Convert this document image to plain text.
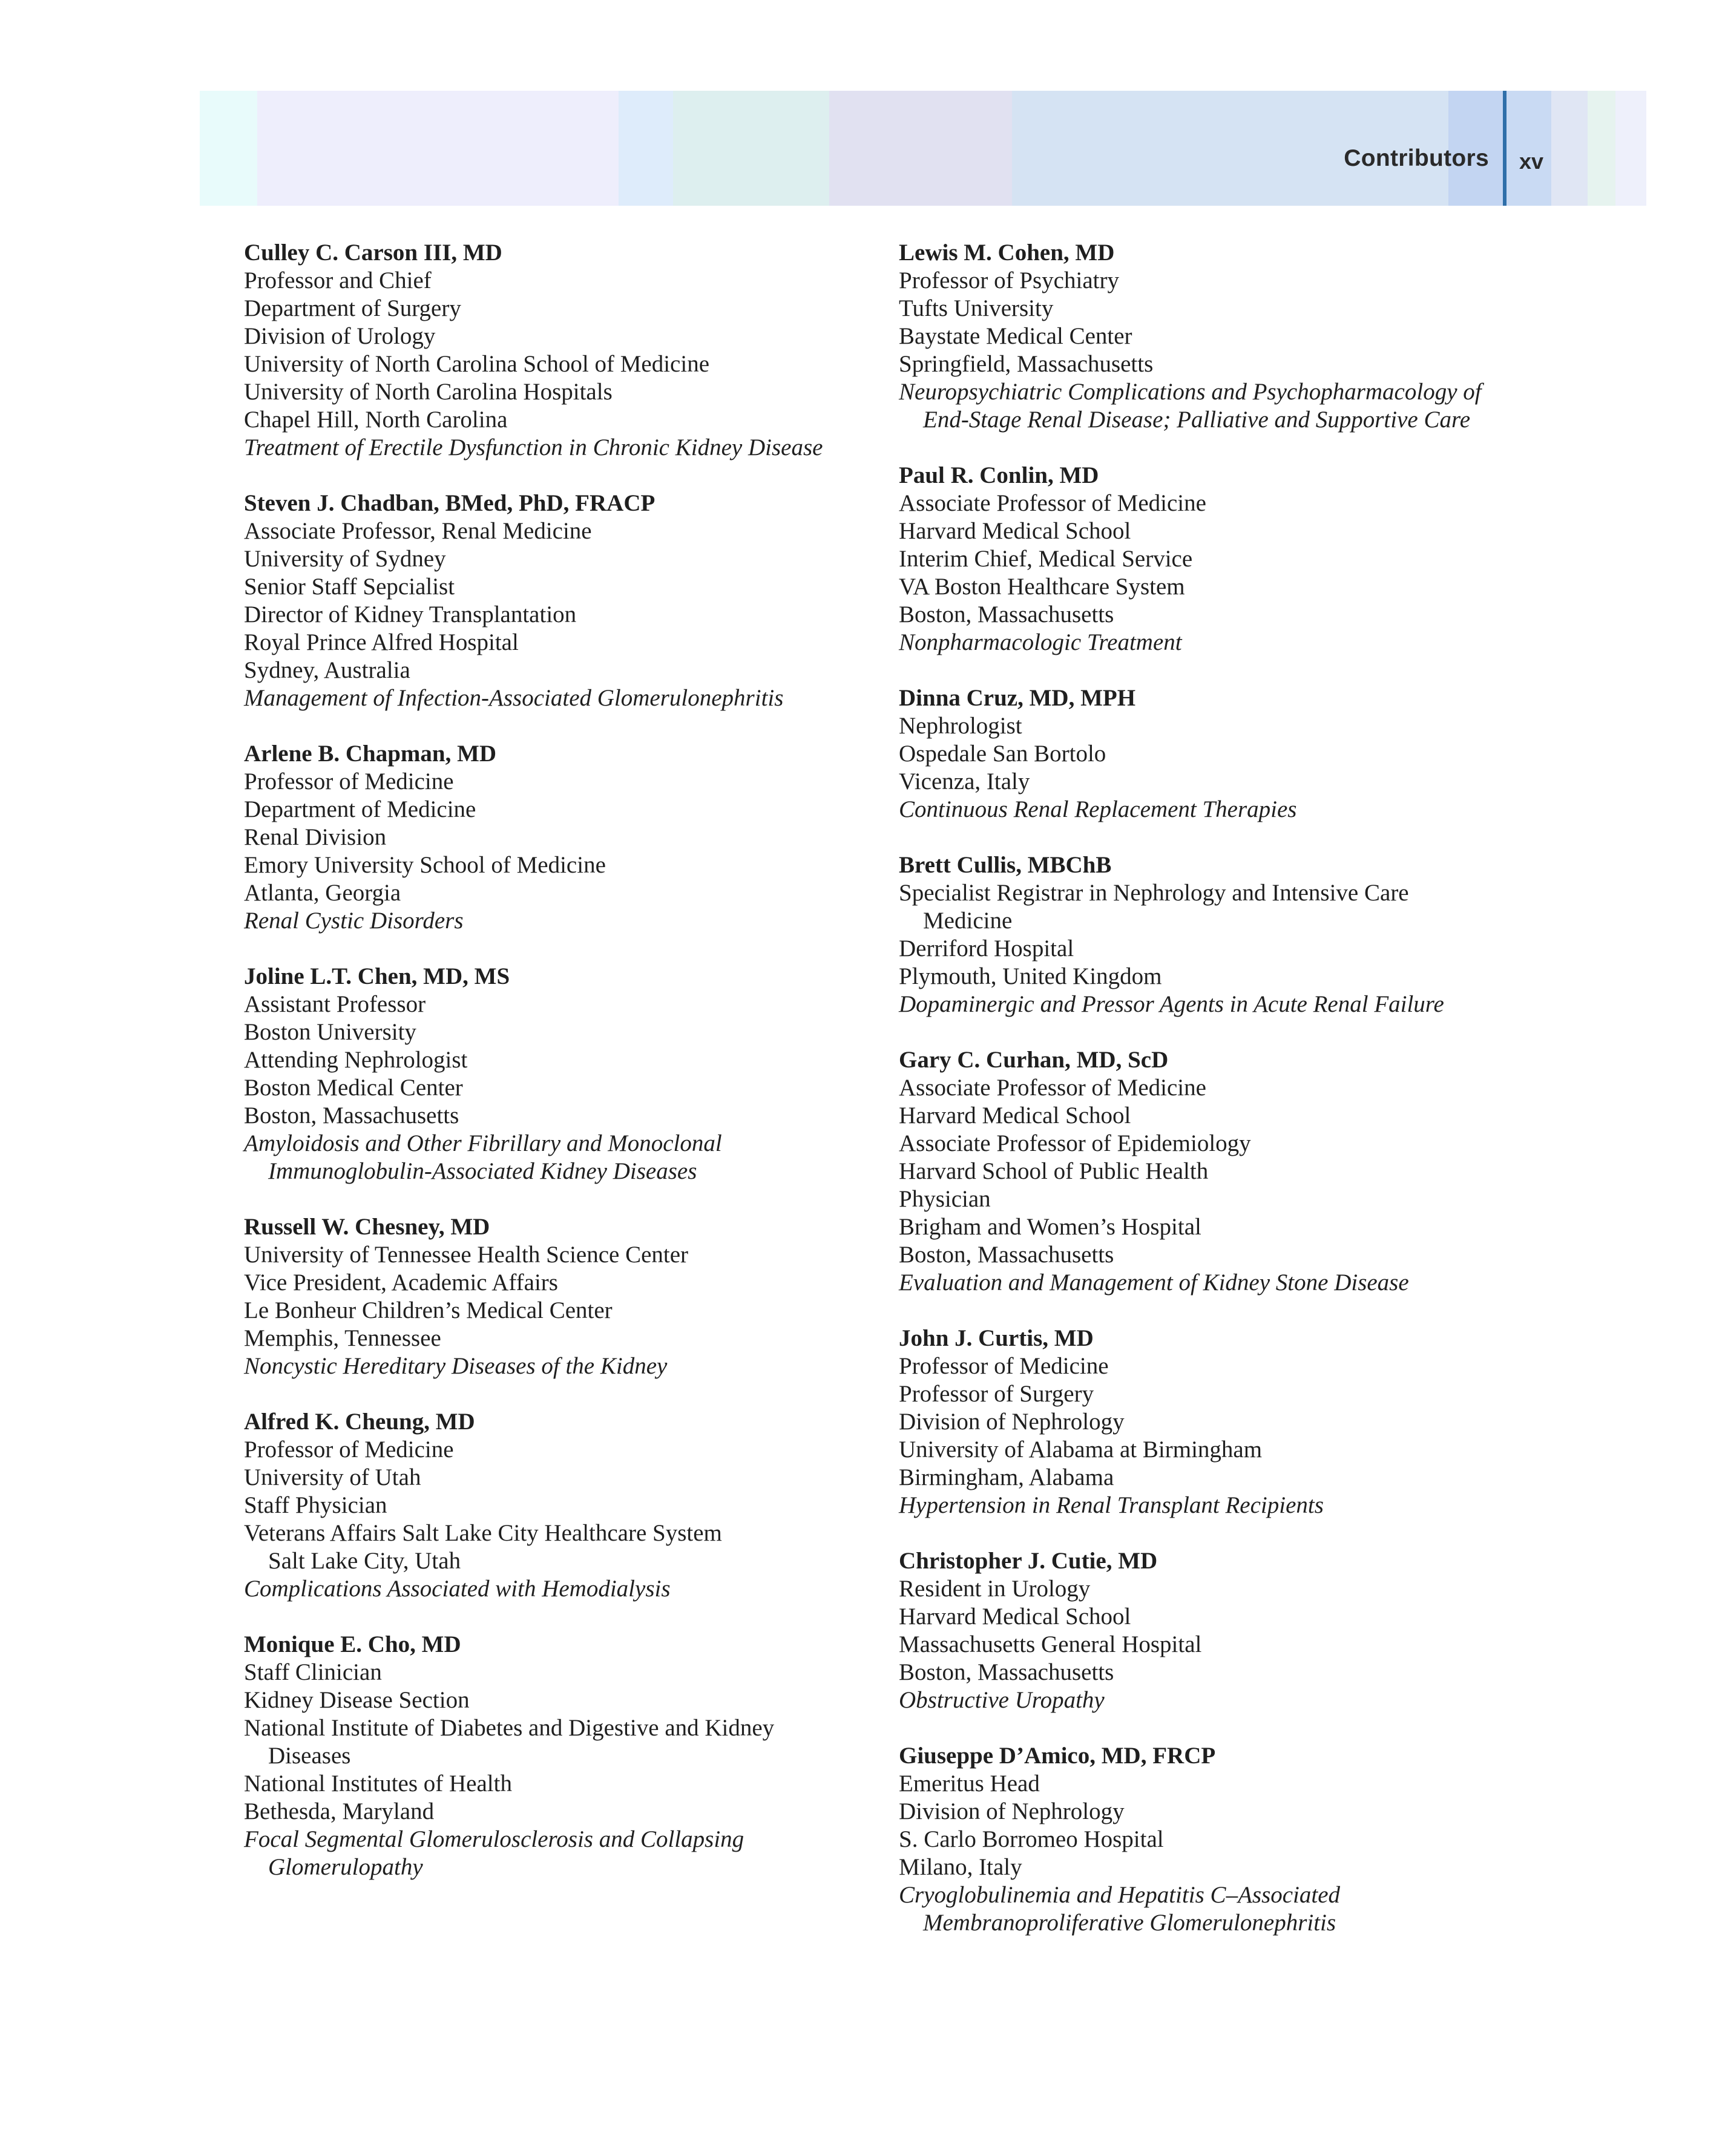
Contributors xv
Culley C. Carson III, MD
Professor and Chief
Department of Surgery
Division of Urology
University of North Carolina School of Medicine
University of North Carolina Hospitals
Chapel Hill, North Carolina
Treatment of Erectile Dysfunction in Chronic Kidney Disease
Steven J. Chadban, BMed, PhD, FRACP
Associate Professor, Renal Medicine
University of Sydney
Senior Staff Sepcialist
Director of Kidney Transplantation
Royal Prince Alfred Hospital
Sydney, Australia
Management of Infection-Associated Glomerulonephritis
Arlene B. Chapman, MD
Professor of Medicine
Department of Medicine
Renal Division
Emory University School of Medicine
Atlanta, Georgia
Renal Cystic Disorders
Joline L.T. Chen, MD, MS
Assistant Professor
Boston University
Attending Nephrologist
Boston Medical Center
Boston, Massachusetts
Amyloidosis and Other Fibrillary and Monoclonal
Immunoglobulin-Associated Kidney Diseases
Russell W. Chesney, MD
University of Tennessee Health Science Center
Vice President, Academic Affairs
Le Bonheur Children’s Medical Center
Memphis, Tennessee
Noncystic Hereditary Diseases of the Kidney
Alfred K. Cheung, MD
Professor of Medicine
University of Utah
Staff Physician
Veterans Affairs Salt Lake City Healthcare System
Salt Lake City, Utah
Complications Associated with Hemodialysis
Monique E. Cho, MD
Staff Clinician
Kidney Disease Section
National Institute of Diabetes and Digestive and Kidney
Diseases
National Institutes of Health
Bethesda, Maryland
Focal Segmental Glomerulosclerosis and Collapsing
Glomerulopathy
Lewis M. Cohen, MD
Professor of Psychiatry
Tufts University
Baystate Medical Center
Springfield, Massachusetts
Neuropsychiatric Complications and Psychopharmacology of
End-Stage Renal Disease; Palliative and Supportive Care
Paul R. Conlin, MD
Associate Professor of Medicine
Harvard Medical School
Interim Chief, Medical Service
VA Boston Healthcare System
Boston, Massachusetts
Nonpharmacologic Treatment
Dinna Cruz, MD, MPH
Nephrologist
Ospedale San Bortolo
Vicenza, Italy
Continuous Renal Replacement Therapies
Brett Cullis, MBChB
Specialist Registrar in Nephrology and Intensive Care
Medicine
Derriford Hospital
Plymouth, United Kingdom
Dopaminergic and Pressor Agents in Acute Renal Failure
Gary C. Curhan, MD, ScD
Associate Professor of Medicine
Harvard Medical School
Associate Professor of Epidemiology
Harvard School of Public Health
Physician
Brigham and Women’s Hospital
Boston, Massachusetts
Evaluation and Management of Kidney Stone Disease
John J. Curtis, MD
Professor of Medicine
Professor of Surgery
Division of Nephrology
University of Alabama at Birmingham
Birmingham, Alabama
Hypertension in Renal Transplant Recipients
Christopher J. Cutie, MD
Resident in Urology
Harvard Medical School
Massachusetts General Hospital
Boston, Massachusetts
Obstructive Uropathy
Giuseppe D’Amico, MD, FRCP
Emeritus Head
Division of Nephrology
S. Carlo Borromeo Hospital
Milano, Italy
Cryoglobulinemia and Hepatitis C–Associated
Membranoproliferative Glomerulonephritis
